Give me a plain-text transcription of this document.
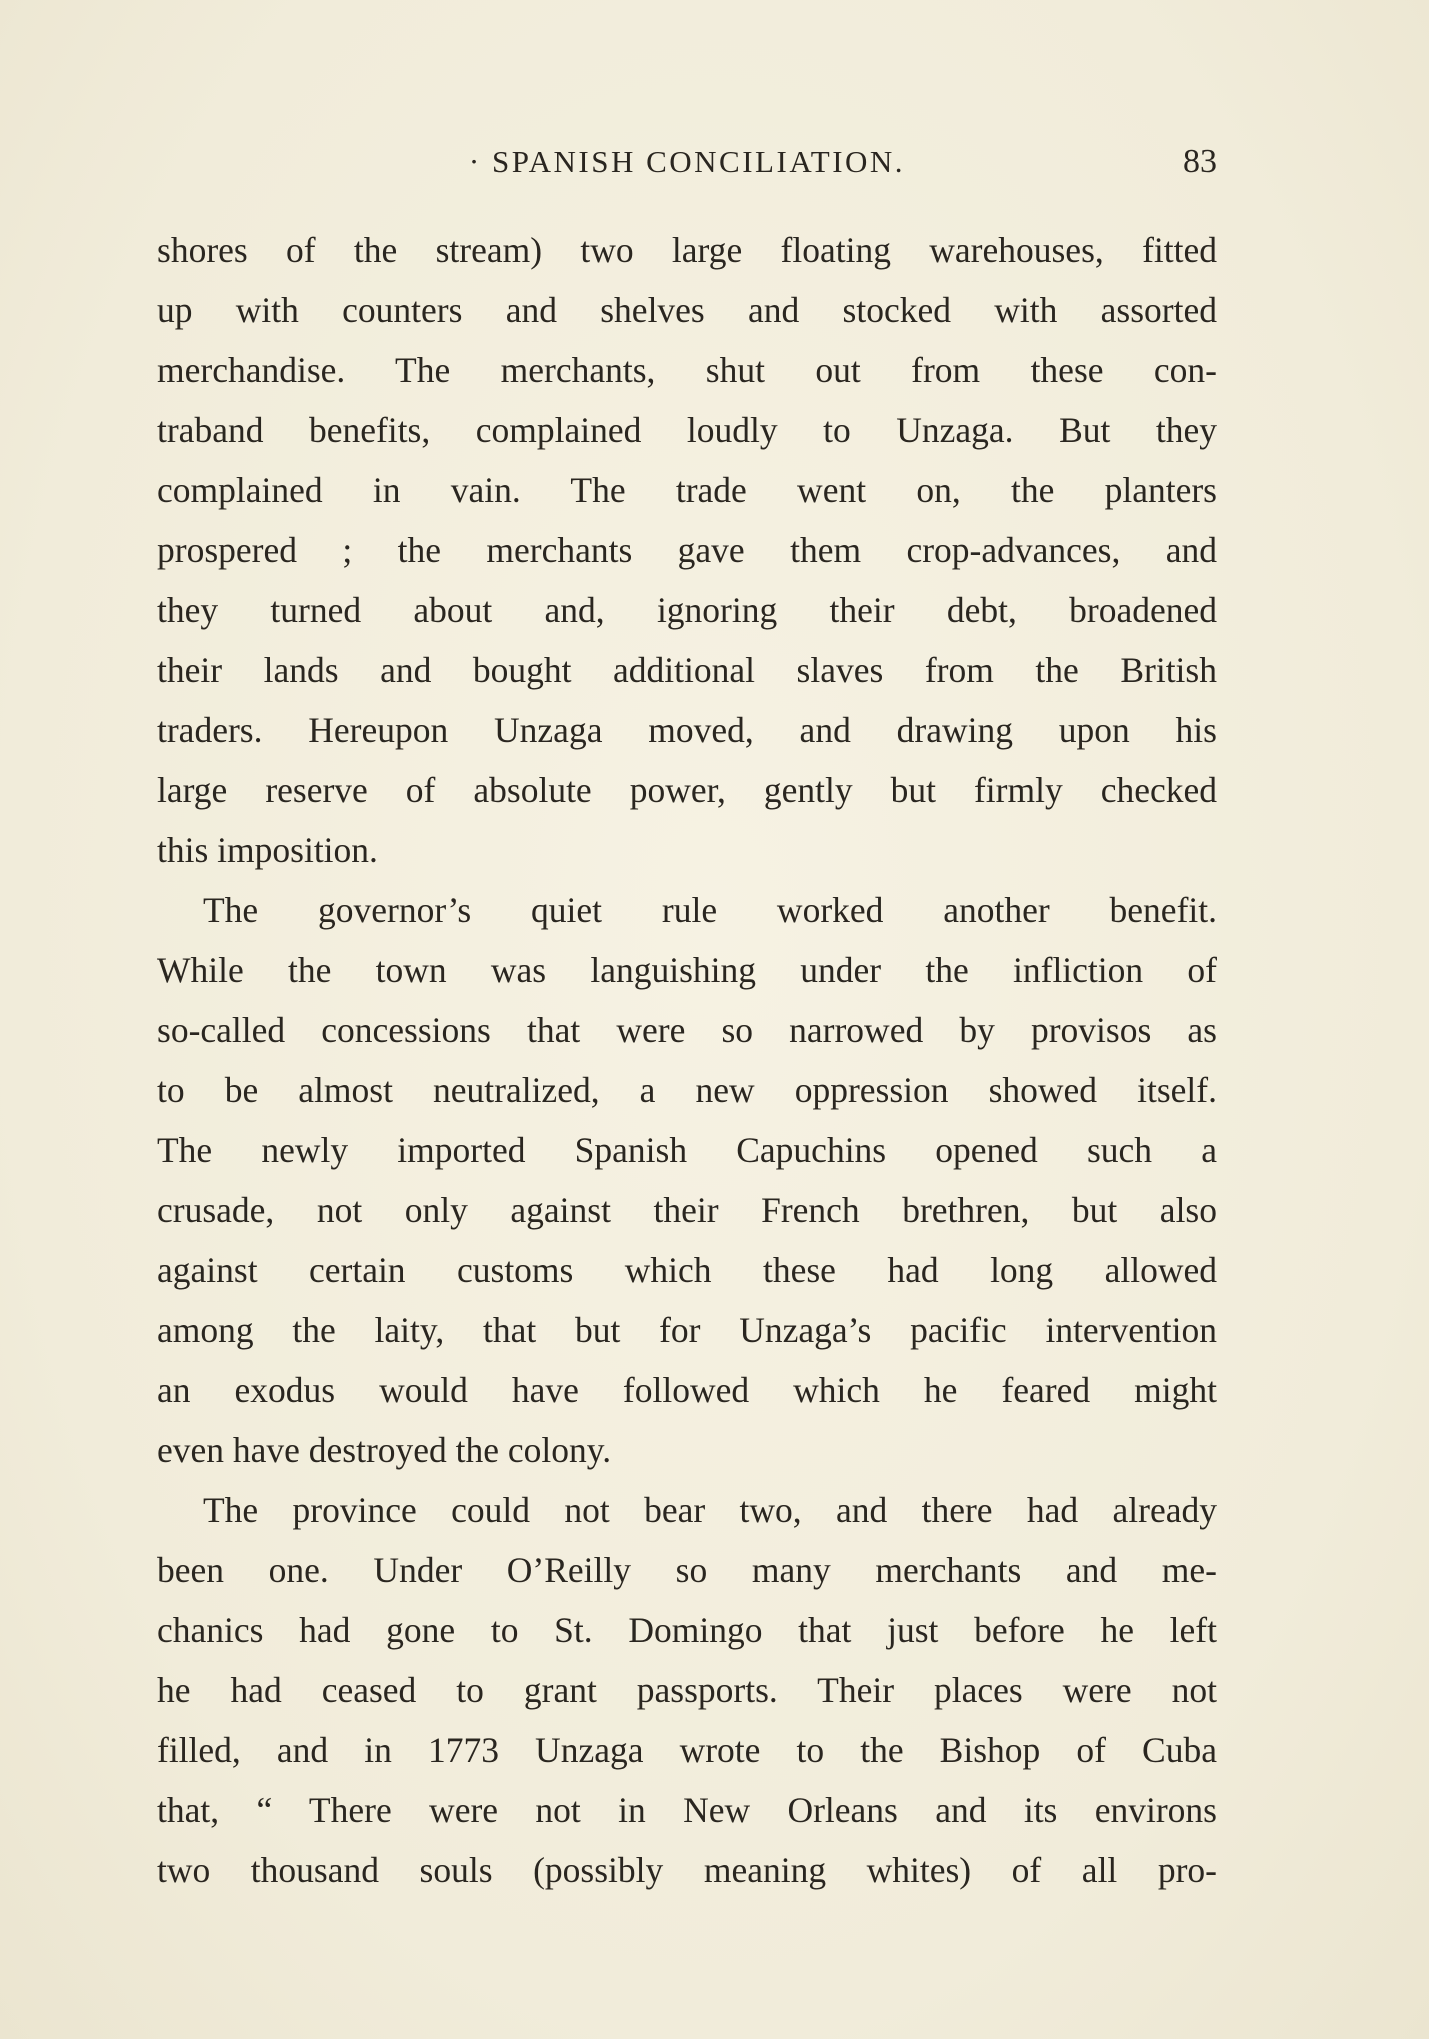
· SPANISH CONCILIATION.	83
shores of the stream) two large floating warehouses, fitted
up with counters and shelves and stocked with assorted
merchandise. The merchants, shut out from these con-
traband benefits, complained loudly to Unzaga. But they
complained in vain. The trade went on, the planters
prospered ; the merchants gave them crop-advances, and
they turned about and, ignoring their debt, broadened
their lands and bought additional slaves from the British
traders. Hereupon Unzaga moved, and drawing upon his
large reserve of absolute power, gently but firmly checked
this imposition.
The governor’s quiet rule worked another benefit.
While the town was languishing under the infliction of
so-called concessions that were so narrowed by provisos as
to be almost neutralized, a new oppression showed itself.
The newly imported Spanish Capuchins opened such a
crusade, not only against their French brethren, but also
against certain customs which these had long allowed
among the laity, that but for Unzaga’s pacific intervention
an exodus would have followed which he feared might
even have destroyed the colony.
The province could not bear two, and there had already
been one. Under O’Reilly so many merchants and me-
chanics had gone to St. Domingo that just before he left
he had ceased to grant passports. Their places were not
filled, and in 1773 Unzaga wrote to the Bishop of Cuba
that, “ There were not in New Orleans and its environs
two thousand souls (possibly meaning whites) of all pro-
